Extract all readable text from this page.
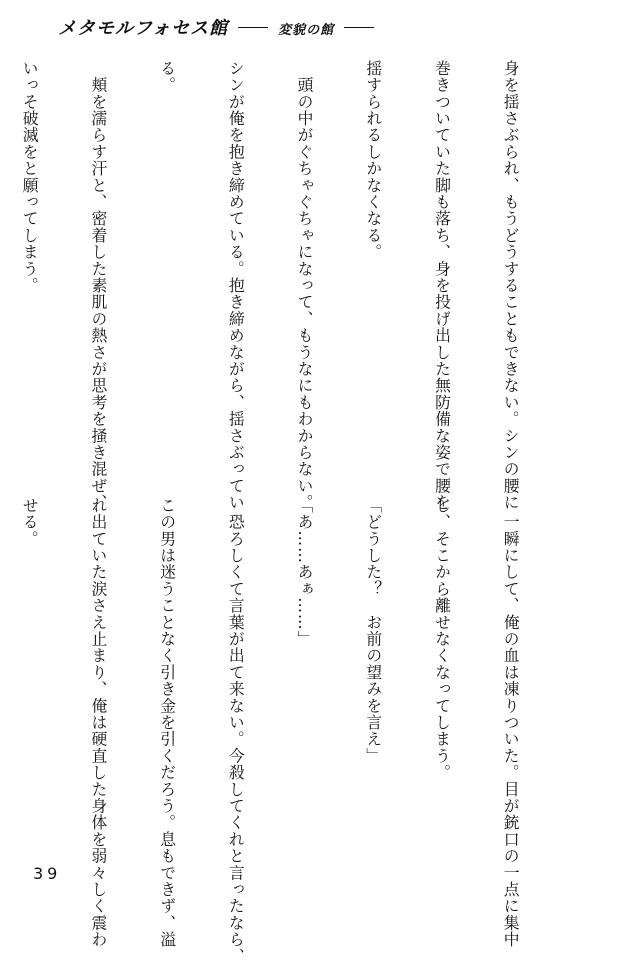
メタモルフォセス館	変貌の館

身を揺さぶられ、もうどうすることもできない。シンの腰に

巻きついていた脚も落ち、身を投げ出した無防備な姿で腰を

揺すられるしかなくなる。

　頭の中がぐちゃぐちゃになって、もうなにもわからない。

シンが俺を抱き締めている。抱き締めながら、揺さぶってい

る。

　頬を濡らす汗と、密着した素肌の熱さが思考を掻き混ぜ、

いっそ破滅をと願ってしまう。

　一瞬にして、俺の血は凍りついた。目が銃口の一点に集中

し、そこから離せなくなってしまう。

「どうした？　お前の望みを言え」

「あ……あぁ……」

　恐ろしくて言葉が出て来ない。今殺してくれと言ったなら、

この男は迷うことなく引き金を引くだろう。息もできず、溢

れ出ていた涙さえ止まり、俺は硬直した身体を弱々しく震わ

せる。

39
